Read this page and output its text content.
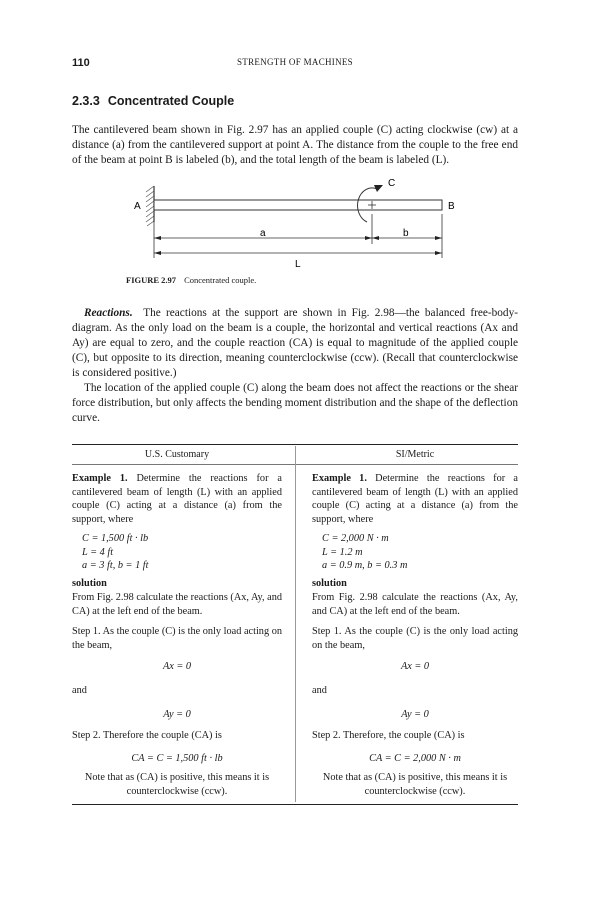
110	STRENGTH OF MACHINES
2.3.3 Concentrated Couple

The cantilevered beam shown in Fig. 2.97 has an applied couple (C) acting clockwise (cw) at a distance (a) from the cantilevered support at point A. The distance from the couple to the free end of the beam at point B is labeled (b), and the total length of the beam is labeled (L).

A	B
C
a	b
L
FIGURE 2.97 Concentrated couple.
Reactions. The reactions at the support are shown in Fig. 2.98—the balanced free-body-diagram. As the only load on the beam is a couple, the horizontal and vertical reactions (Ax and Ay) are equal to zero, and the couple reaction (CA) is equal to magnitude of the applied couple (C), but opposite to its direction, meaning counterclockwise (ccw). (Recall that counterclockwise is considered positive.)
The location of the applied couple (C) along the beam does not affect the reactions or the shear force distribution, but only affects the bending moment distribution and the shape of the deflection curve.
U.S. Customary

Example 1. Determine the reactions for a cantilevered beam of length (L) with an applied couple (C) acting at a distance (a) from the support, where

C = 1,500 ft · lb
L = 4 ft
a = 3 ft, b = 1 ft
solution

From Fig. 2.98 calculate the reactions (Ax, Ay, and CA) at the left end of the beam.

Step 1. As the couple (C) is the only load acting on the beam,

Ax = 0
and
Ay = 0

Step 2. Therefore the couple (CA) is

CA = C = 1,500 ft · lb

Note that as (CA) is positive, this means it is counterclockwise (ccw).

SI/Metric

Example 1. Determine the reactions for a cantilevered beam of length (L) with an applied couple (C) acting at a distance (a) from the support, where

C = 2,000 N · m
L = 1.2 m
a = 0.9 m, b = 0.3 m
solution

From Fig. 2.98 calculate the reactions (Ax, Ay, and CA) at the left end of the beam.

Step 1. As the couple (C) is the only load acting on the beam,

Ax = 0
and
Ay = 0

Step 2. Therefore, the couple (CA) is

CA = C = 2,000 N · m

Note that as (CA) is positive, this means it is counterclockwise (ccw).
